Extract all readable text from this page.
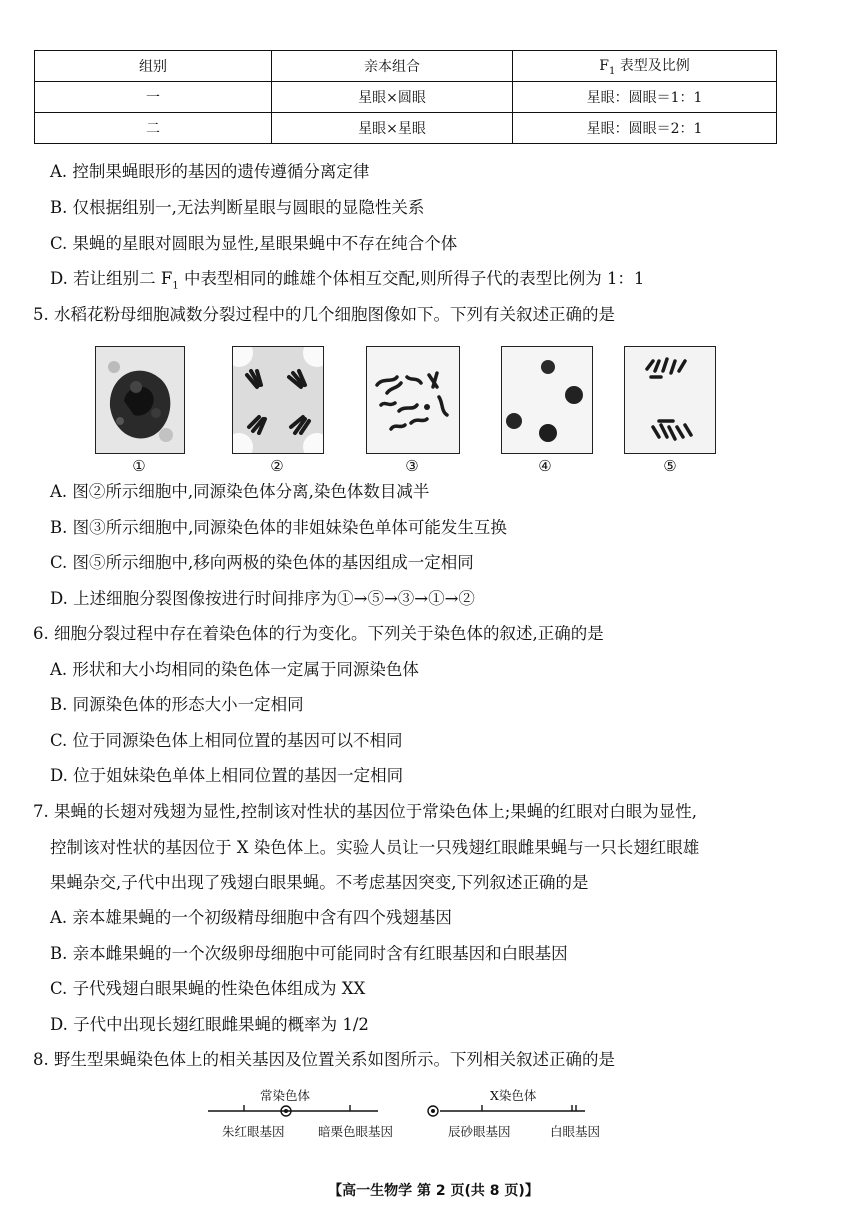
组别	亲本组合	$F_1$ 表型及比例
一	星眼×圆眼	星眼：圆眼＝1：1
二	星眼×星眼	星眼：圆眼＝2：1
A. 控制果蝇眼形的基因的遗传遵循分离定律
B. 仅根据组别一,无法判断星眼与圆眼的显隐性关系
C. 果蝇的星眼对圆眼为显性,星眼果蝇中不存在纯合个体
D. 若让组别二 $F_1$ 中表型相同的雌雄个体相互交配,则所得子代的表型比例为 1：1
5. 水稻花粉母细胞减数分裂过程中的几个细胞图像如下。下列有关叙述正确的是
①	②	③	④	⑤
A. 图②所示细胞中,同源染色体分离,染色体数目减半
B. 图③所示细胞中,同源染色体的非姐妹染色单体可能发生互换
C. 图⑤所示细胞中,移向两极的染色体的基因组成一定相同
D. 上述细胞分裂图像按进行时间排序为①→⑤→③→①→②
6. 细胞分裂过程中存在着染色体的行为变化。下列关于染色体的叙述,正确的是
A. 形状和大小均相同的染色体一定属于同源染色体
B. 同源染色体的形态大小一定相同
C. 位于同源染色体上相同位置的基因可以不相同
D. 位于姐妹染色单体上相同位置的基因一定相同
7. 果蝇的长翅对残翅为显性,控制该对性状的基因位于常染色体上;果蝇的红眼对白眼为显性,
控制该对性状的基因位于 X 染色体上。实验人员让一只残翅红眼雌果蝇与一只长翅红眼雄
果蝇杂交,子代中出现了残翅白眼果蝇。不考虑基因突变,下列叙述正确的是
A. 亲本雄果蝇的一个初级精母细胞中含有四个残翅基因
B. 亲本雌果蝇的一个次级卵母细胞中可能同时含有红眼基因和白眼基因
C. 子代残翅白眼果蝇的性染色体组成为 XX
D. 子代中出现长翅红眼雌果蝇的概率为 1/2
8. 野生型果蝇染色体上的相关基因及位置关系如图所示。下列相关叙述正确的是
常染色体	X染色体
朱红眼基因	暗栗色眼基因	辰砂眼基因	白眼基因
【高一生物学 第 2 页(共 8 页)】
